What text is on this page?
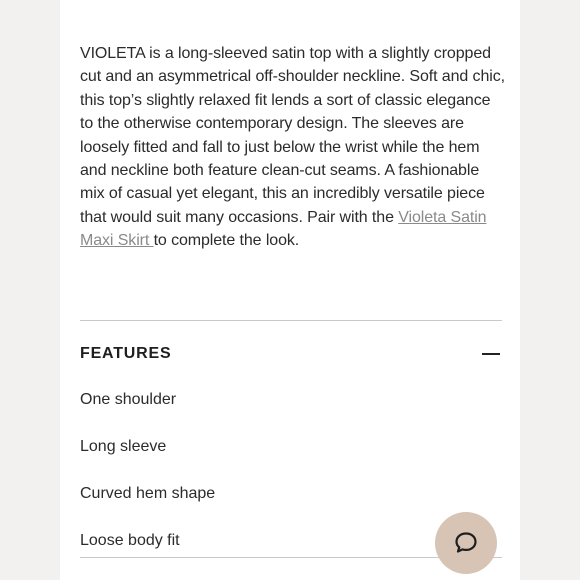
VIOLETA is a long-sleeved satin top with a slightly cropped cut and an asymmetrical off-shoulder neckline. Soft and chic, this top’s slightly relaxed fit lends a sort of classic elegance to the otherwise contemporary design. The sleeves are loosely fitted and fall to just below the wrist while the hem and neckline both feature clean-cut seams. A fashionable mix of casual yet elegant, this an incredibly versatile piece that would suit many occasions. Pair with the Violeta Satin Maxi Skirt to complete the look.

FEATURES
One shoulder
Long sleeve
Curved hem shape
Loose body fit
